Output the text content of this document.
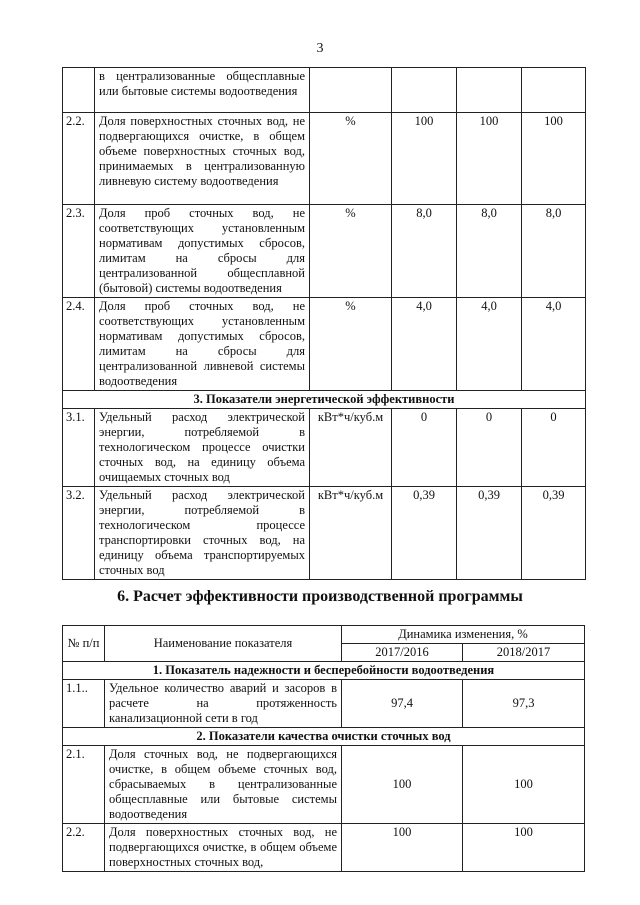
3
	в централизованные общесплавные или бытовые системы водоотведения				
2.2.	Доля поверхностных сточных вод, не подвергающихся очистке, в общем объеме поверхностных сточных вод, принимаемых в централизованную ливневую систему водоотведения	%	100	100	100
2.3.	Доля проб сточных вод, не соответствующих установленным нормативам допустимых сбросов, лимитам на сбросы для централизованной общесплавной (бытовой) системы водоотведения	%	8,0	8,0	8,0
2.4.	Доля проб сточных вод, не соответствующих установленным нормативам допустимых сбросов, лимитам на сбросы для централизованной ливневой системы водоотведения	%	4,0	4,0	4,0
3. Показатели энергетической эффективности					
3.1.	Удельный расход электрической энергии, потребляемой в технологическом процессе очистки сточных вод, на единицу объема очищаемых сточных вод	кВт*ч/куб.м	0	0	0
3.2.	Удельный расход электрической энергии, потребляемой в технологическом процессе транспортировки сточных вод, на единицу объема транспортируемых сточных вод	кВт*ч/куб.м	0,39	0,39	0,39
6. Расчет эффективности производственной программы
№ п/п	Наименование показателя	Динамика изменения, %	
		2017/2016	2018/2017
1. Показатель надежности и бесперебойности водоотведения			
1.1..	Удельное количество аварий и засоров в расчете на протяженность канализационной сети в год	97,4	97,3
2. Показатели качества очистки сточных вод			
2.1.	Доля сточных вод, не подвергающихся очистке, в общем объеме сточных вод, сбрасываемых в централизованные общесплавные или бытовые системы водоотведения	100	100
2.2.	Доля поверхностных сточных вод, не подвергающихся очистке, в общем объеме поверхностных сточных вод,	100	100
